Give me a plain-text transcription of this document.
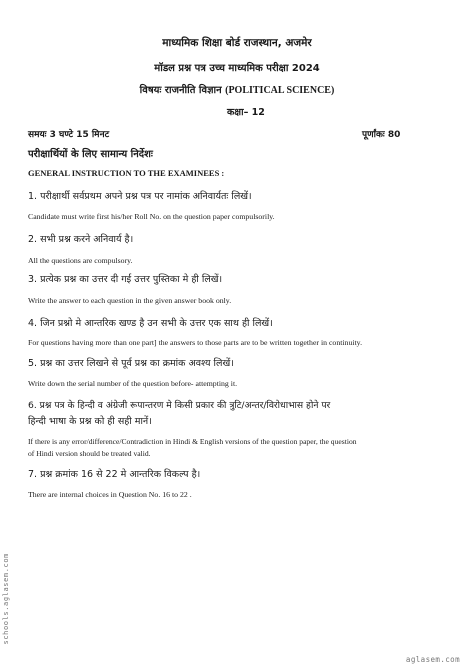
माध्यमिक शिक्षा बोर्ड राजस्थान, अजमेर
मॉडल प्रश्न पत्र उच्च माध्यमिक परीक्षा 2024
विषयः राजनीति विज्ञान (POLITICAL SCIENCE)
कक्षा– 12
समयः 3 घण्टे 15 मिनट	पूर्णांकः 80
परीक्षार्थियों के लिए सामान्य निर्देशः
GENERAL INSTRUCTION TO THE EXAMINEES :
1. परीक्षार्थी सर्वप्रथम अपने प्रश्न पत्र पर नामांक अनिवार्यतः लिखें।
Candidate must write first his/her Roll No. on the question paper compulsorily.
2. सभी प्रश्न करने अनिवार्य है।
All the questions are compulsory.
3. प्रत्येक प्रश्न का उत्तर दी गई उत्तर पुस्तिका मे ही लिखें।
Write the answer to each question in the given answer book only.
4. जिन प्रश्नो मे आन्तरिक खण्ड है उन सभी के उत्तर एक साथ ही लिखें।
For questions having more than one part] the answers to those parts are to be written together in continuity.
5. प्रश्न का उत्तर लिखने से पूर्व प्रश्न का क्रमांक अवश्य लिखें।
Write down the serial number of the question before- attempting it.
6. प्रश्न पत्र के हिन्दी व अंग्रेजी रूपान्तरण मे किसी प्रकार की त्रुटि/अन्तर/विरोधाभास होने पर
हिन्दी भाषा के प्रश्न को ही सही मानें।
If there is any error/difference/Contradiction in Hindi & English versions of the question paper, the question
of Hindi version should be treated valid.
7. प्रश्न क्रमांक 16 से 22 मे आन्तरिक विकल्प है।
There are internal choices in Question No. 16 to 22 .
schools.aglasem.com
aglasem.com
